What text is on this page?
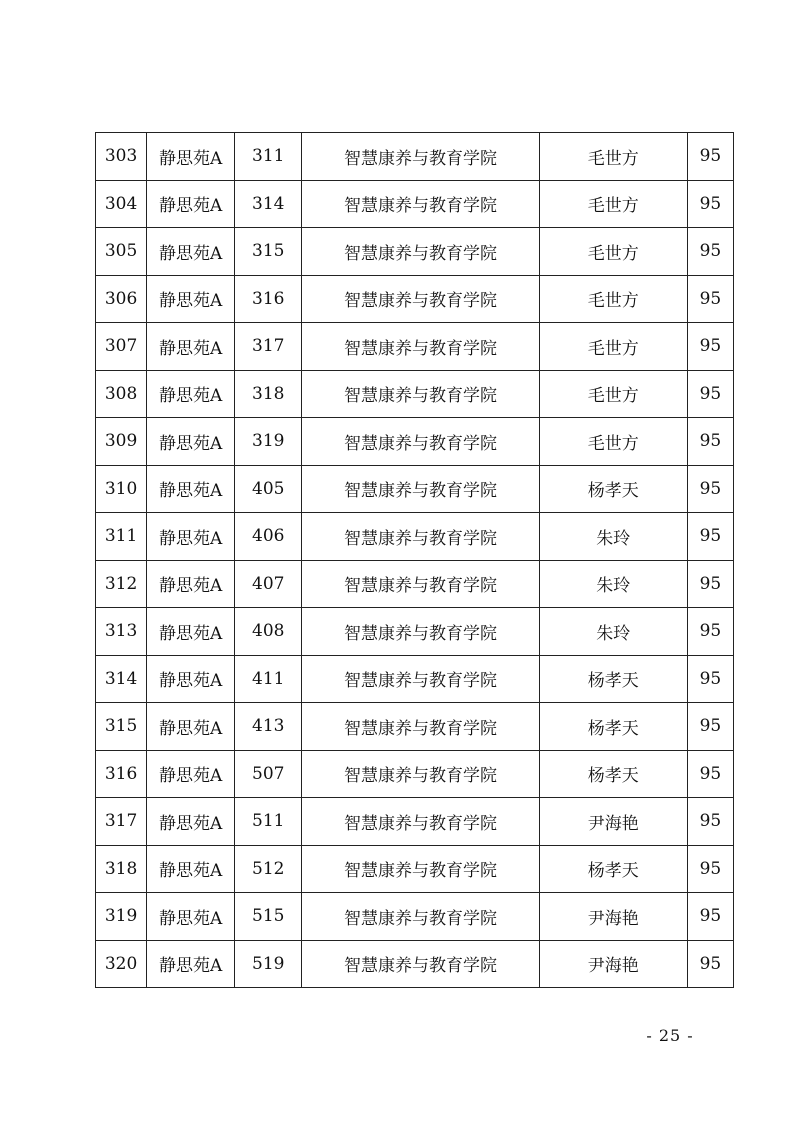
303	静思苑A	311	智慧康养与教育学院	毛世方	95
304	静思苑A	314	智慧康养与教育学院	毛世方	95
305	静思苑A	315	智慧康养与教育学院	毛世方	95
306	静思苑A	316	智慧康养与教育学院	毛世方	95
307	静思苑A	317	智慧康养与教育学院	毛世方	95
308	静思苑A	318	智慧康养与教育学院	毛世方	95
309	静思苑A	319	智慧康养与教育学院	毛世方	95
310	静思苑A	405	智慧康养与教育学院	杨孝天	95
311	静思苑A	406	智慧康养与教育学院	朱玲	95
312	静思苑A	407	智慧康养与教育学院	朱玲	95
313	静思苑A	408	智慧康养与教育学院	朱玲	95
314	静思苑A	411	智慧康养与教育学院	杨孝天	95
315	静思苑A	413	智慧康养与教育学院	杨孝天	95
316	静思苑A	507	智慧康养与教育学院	杨孝天	95
317	静思苑A	511	智慧康养与教育学院	尹海艳	95
318	静思苑A	512	智慧康养与教育学院	杨孝天	95
319	静思苑A	515	智慧康养与教育学院	尹海艳	95
320	静思苑A	519	智慧康养与教育学院	尹海艳	95
- 25 -
